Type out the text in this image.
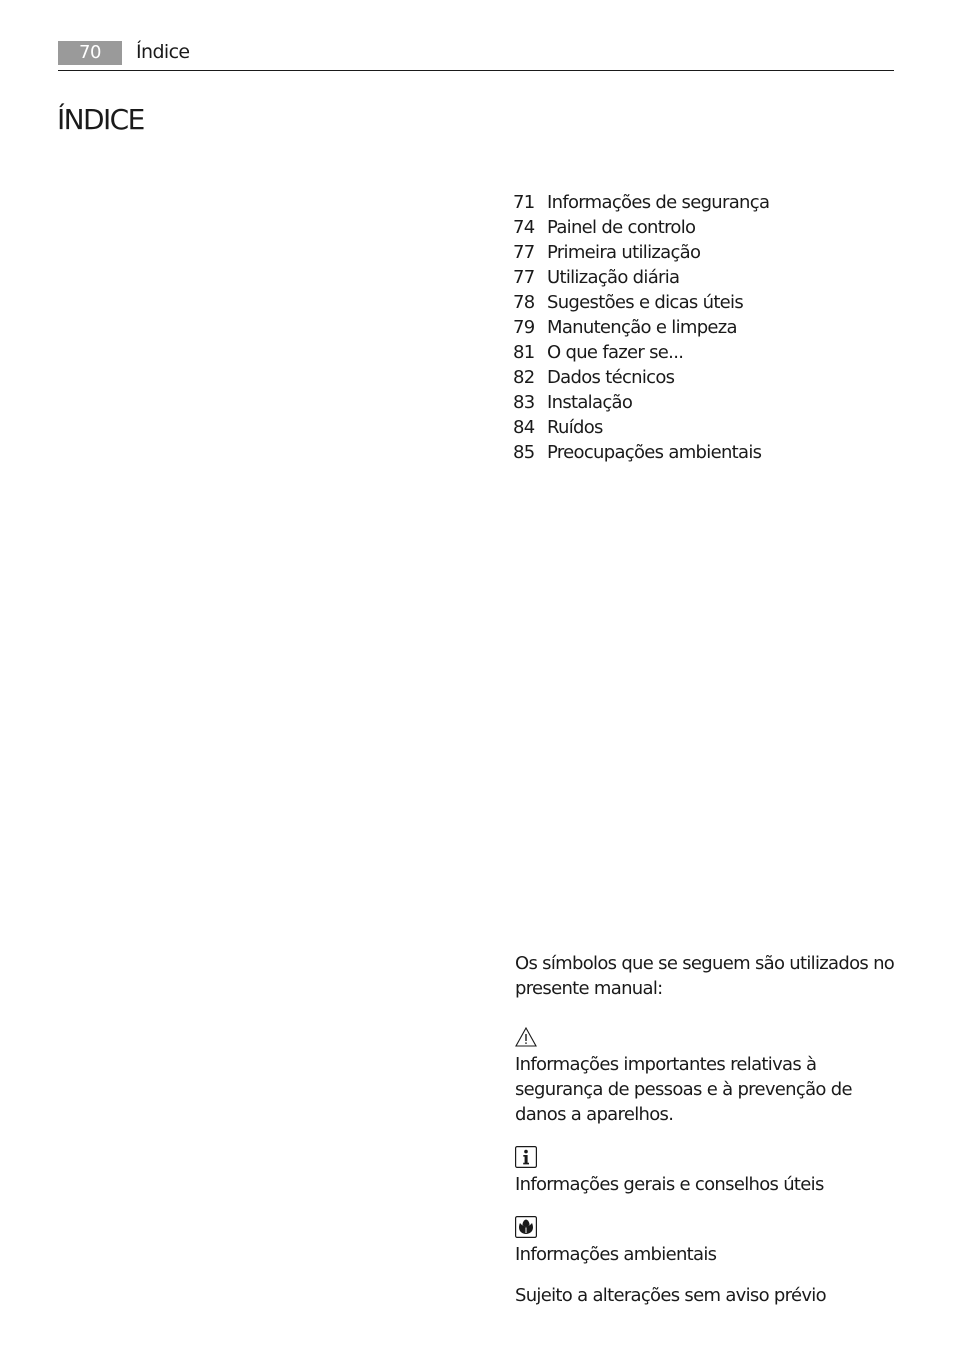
70	Índice
ÍNDICE
71 Informações de segurança
74 Painel de controlo
77 Primeira utilização
77 Utilização diária
78 Sugestões e dicas úteis
79 Manutenção e limpeza
81 O que fazer se...
82 Dados técnicos
83 Instalação
84 Ruídos
85 Preocupações ambientais

Os símbolos que se seguem são utilizados no presente manual:

Informações importantes relativas à segurança de pessoas e à prevenção de danos a aparelhos.

Informações gerais e conselhos úteis

Informações ambientais

Sujeito a alterações sem aviso prévio
